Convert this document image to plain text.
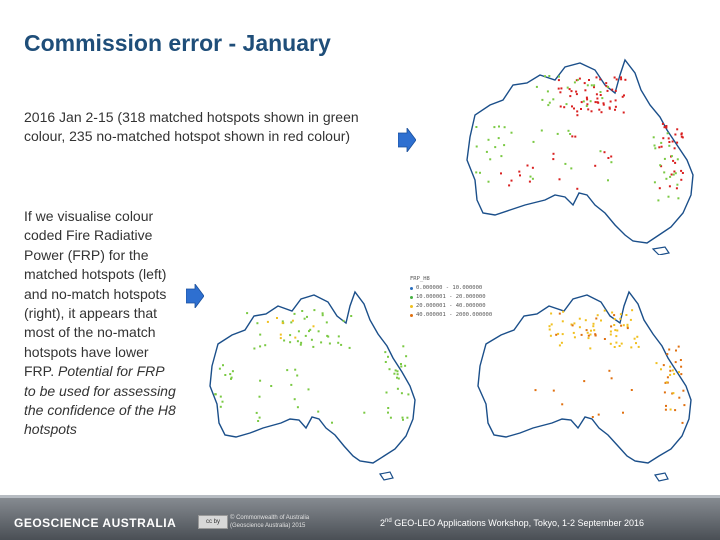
Commission error - January
2016 Jan 2-15 (318 matched hotspots shown in green colour, 235 no-matched hotspot shown in red colour)
If we visualise colour coded Fire Radiative Power (FRP) for the matched hotspots (left) and no-match hotspots (right), it appears that most of the no-match hotspots have lower FRP. Potential for FRP to be used for assessing the confidence of the H8 hotspots
FRP_H8
0.000000 - 10.000000
10.000001 - 20.000000
20.000001 - 40.000000
40.000001 - 2000.000000
GEOSCIENCE AUSTRALIA	cc by
© Commonwealth of Australia
(Geoscience Australia) 2015	2nd GEO-LEO Applications Workshop, Tokyo, 1-2 September 2016
